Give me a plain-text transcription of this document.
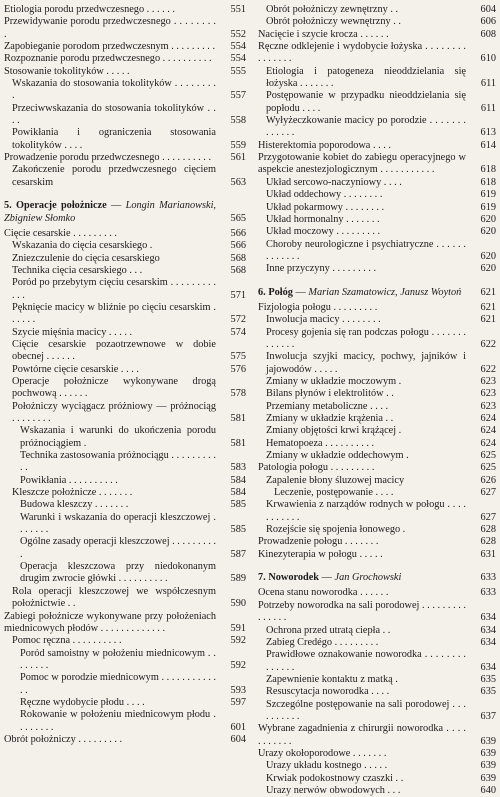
Etiologia porodu przedwczesnego . . . . . .	551
Przewidywanie porodu przedwczesnego . . . . . . . . .	552
Zapobieganie porodom przedwczesnym . . . . . . . . .	554
Rozpoznanie porodu przedwczesnego . . . . . . . . . .	554
Stosowanie tokolityków . . . . .	555
Wskazania do stosowania tokolityków . . . . . . . . .	557
Przeciwwskazania do stosowania tokolityków . . . .	558
Powikłania i ograniczenia stosowania tokolityków . . . .	559
Prowadzenie porodu przedwczesnego . . . . . . . . . .	561
Zakończenie porodu przedwczesnego cięciem cesarskim	563
5. Operacje położnicze — Longin Marianowski, Zbigniew Słomko	565
Cięcie cesarskie . . . . . . . . .	566
Wskazania do cięcia cesarskiego .	566
Zniezczulenie do cięcia cesarskiego	568
Technika cięcia cesarskiego . . .	568
Poród po przebytym cięciu cesarskim . . . . . . . . . . . .	571
Pęknięcie macicy w bliźnie po cięciu cesarskim . . . . . .	572
Szycie mięśnia macicy . . . . .	574
Cięcie cesarskie pozaotrzewnowe w dobie obecnej . . . . . .	575
Powtórne cięcie cesarskie . . . .	576
Operacje położnicze wykonywane drogą pochwową . . . . . .	578
Położniczy wyciągacz próżniowy — próżnociąg . . . . . . . .	581
Wskazania i warunki do ukończenia porodu próżnociągiem .	581
Technika zastosowania próżnociągu . . . . . . . . . . .	583
Powikłania . . . . . . . . . .	584
Kleszcze położnicze . . . . . . .	584
Budowa kleszczy . . . . . . .	585
Warunki i wskazania do operacji kleszczowej . . . . . . .	585
Ogólne zasady operacji kleszczowej . . . . . . . . . .	587
Operacja kleszczowa przy niedokonanym drugim zwrocie główki . . . . . . . . . .	589
Rola operacji kleszczowej we współczesnym położnictwie . .	590
Zabiegi położnicze wykonywane przy położeniach miednicowych płodów . . . . . . . . . . . . .	591
Pomoc ręczna . . . . . . . . . .	592
Poród samoistny w położeniu miednicowym . . . . . . . .	592
Pomoc w porodzie miednicowym . . . . . . . . . . . . .	593
Ręczne wydobycie płodu . . . .	597
Rokowanie w położeniu miednicowym płodu . . . . . . . .	601
Obrót położniczy . . . . . . . . .	604
Obrót położniczy zewnętrzny . .	604
Obrót położniczy wewnętrzny . .	606
Nacięcie i szycie krocza . . . . . .	608
Ręczne odklejenie i wydobycie łożyska . . . . . . . . . . . . . . .	610
Etiologia i patogeneza nieoddzielania się łożyska . . . . . . .	611
Postępowanie w przypadku nieoddzielania się popłodu . . . .	611
Wyłyżeczkowanie macicy po porodzie . . . . . . . . . . . . .	613
Histerektomia poporodowa . . . .	614
Przygotowanie kobiet do zabiegu operacyjnego w aspekcie anestezjologicznym . . . . . . . . . . .	618
Układ sercowo-naczyniowy . . . .	618
Układ oddechowy . . . . . . . .	619
Układ pokarmowy . . . . . . . .	619
Układ hormonalny . . . . . . .	620
Układ moczowy . . . . . . . . .	620
Choroby neurologiczne i psychiatryczne . . . . . . . . . . . . .	620
Inne przyczyny . . . . . . . . .	620
6. Połóg — Marian Szamatowicz, Janusz Woytoń	621
Fizjologia połogu . . . . . . . . .	621
Inwolucja macicy . . . . . . . .	621
Procesy gojenia się ran podczas połogu . . . . . . . . . . . . .	622
Inwolucja szyjki macicy, pochwy, jajników i jajowodów . . . . .	622
Zmiany w układzie moczowym .	623
Bilans płynów i elektrolitów . .	623
Przemiany metaboliczne . . . .	623
Zmiany w układzie krążenia . .	624
Zmiany objętości krwi krążącej .	624
Hematopoeza . . . . . . . . . .	624
Zmiany w układzie oddechowym .	625
Patologia połogu . . . . . . . . .	625
Zapalenie błony śluzowej macicy	626
Leczenie, postępowanie . . . .	627
Krwawienia z narządów rodnych w połogu . . . . . . . . . . .	627
Rozejście się spojenia łonowego .	628
Prowadzenie połogu . . . . . . .	628
Kinezyterapia w połogu . . . . .	631
7. Noworodek — Jan Grochowski	633
Ocena stanu noworodka . . . . . .	633
Potrzeby noworodka na sali porodowej . . . . . . . . . . . . . . .	634
Ochrona przed utratą ciepła . .	634
Zabieg Credégo . . . . . . . . .	634
Prawidłowe oznakowanie noworodka . . . . . . . . . . . . . .	634
Zapewnienie kontaktu z matką .	635
Resuscytacja noworodka . . . .	635
Szczególne postępowanie na sali porodowej . . . . . . . . . .	637
Wybrane zagadnienia z chirurgii noworodka . . . . . . . . . . .	639
Urazy okołoporodowe . . . . . . .	639
Urazy układu kostnego . . . . .	639
Krwiak podokostnowy czaszki . .	639
Urazy nerwów obwodowych . . .	640
